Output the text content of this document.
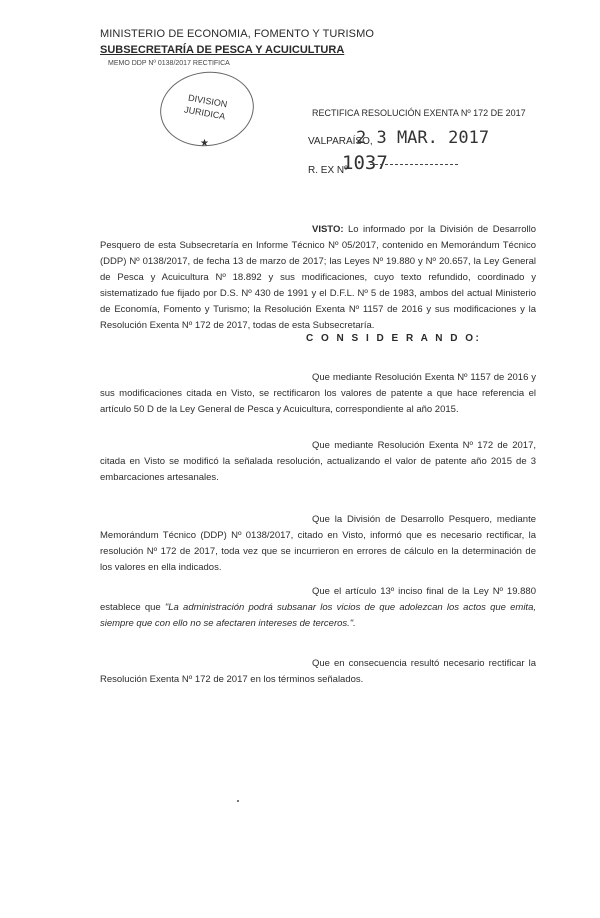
MINISTERIO DE ECONOMIA, FOMENTO Y TURISMO
SUBSECRETARÍA DE PESCA Y ACUICULTURA
MEMO DDP Nº 0138/2017 RECTIFICA
DIVISION
JURIDICA
★
RECTIFICA RESOLUCIÓN EXENTA Nº 172 DE 2017
VALPARAÍSO,
2 3 MAR. 2017
R. EX Nº
1037

VISTO: Lo informado por la División de Desarrollo Pesquero de esta Subsecretaría en Informe Técnico Nº 05/2017, contenido en Memorándum Técnico (DDP) Nº 0138/2017, de fecha 13 de marzo de 2017; las Leyes Nº 19.880 y Nº 20.657, la Ley General de Pesca y Acuicultura Nº 18.892 y sus modificaciones, cuyo texto refundido, coordinado y sistematizado fue fijado por D.S. Nº 430 de 1991 y el D.F.L. Nº 5 de 1983, ambos del actual Ministerio de Economía, Fomento y Turismo; la Resolución Exenta Nº 1157 de 2016 y sus modificaciones y la Resolución Exenta Nº 172 de 2017, todas de esta Subsecretaría.

C O N S I D E R A N D O:

Que mediante Resolución Exenta Nº 1157 de 2016 y sus modificaciones citada en Visto, se rectificaron los valores de patente a que hace referencia el artículo 50 D de la Ley General de Pesca y Acuicultura, correspondiente al año 2015.

Que mediante Resolución Exenta Nº 172 de 2017, citada en Visto se modificó la señalada resolución, actualizando el valor de patente año 2015 de 3 embarcaciones artesanales.

Que la División de Desarrollo Pesquero, mediante Memorándum Técnico (DDP) Nº 0138/2017, citado en Visto, informó que es necesario rectificar, la resolución Nº 172 de 2017, toda vez que se incurrieron en errores de cálculo en la determinación de los valores en ella indicados.

Que el artículo 13º inciso final de la Ley Nº 19.880 establece que "La administración podrá subsanar los vicios de que adolezcan los actos que emita, siempre que con ello no se afectaren intereses de terceros.".

Que en consecuencia resultó necesario rectificar la Resolución Exenta Nº 172 de 2017 en los términos señalados.
